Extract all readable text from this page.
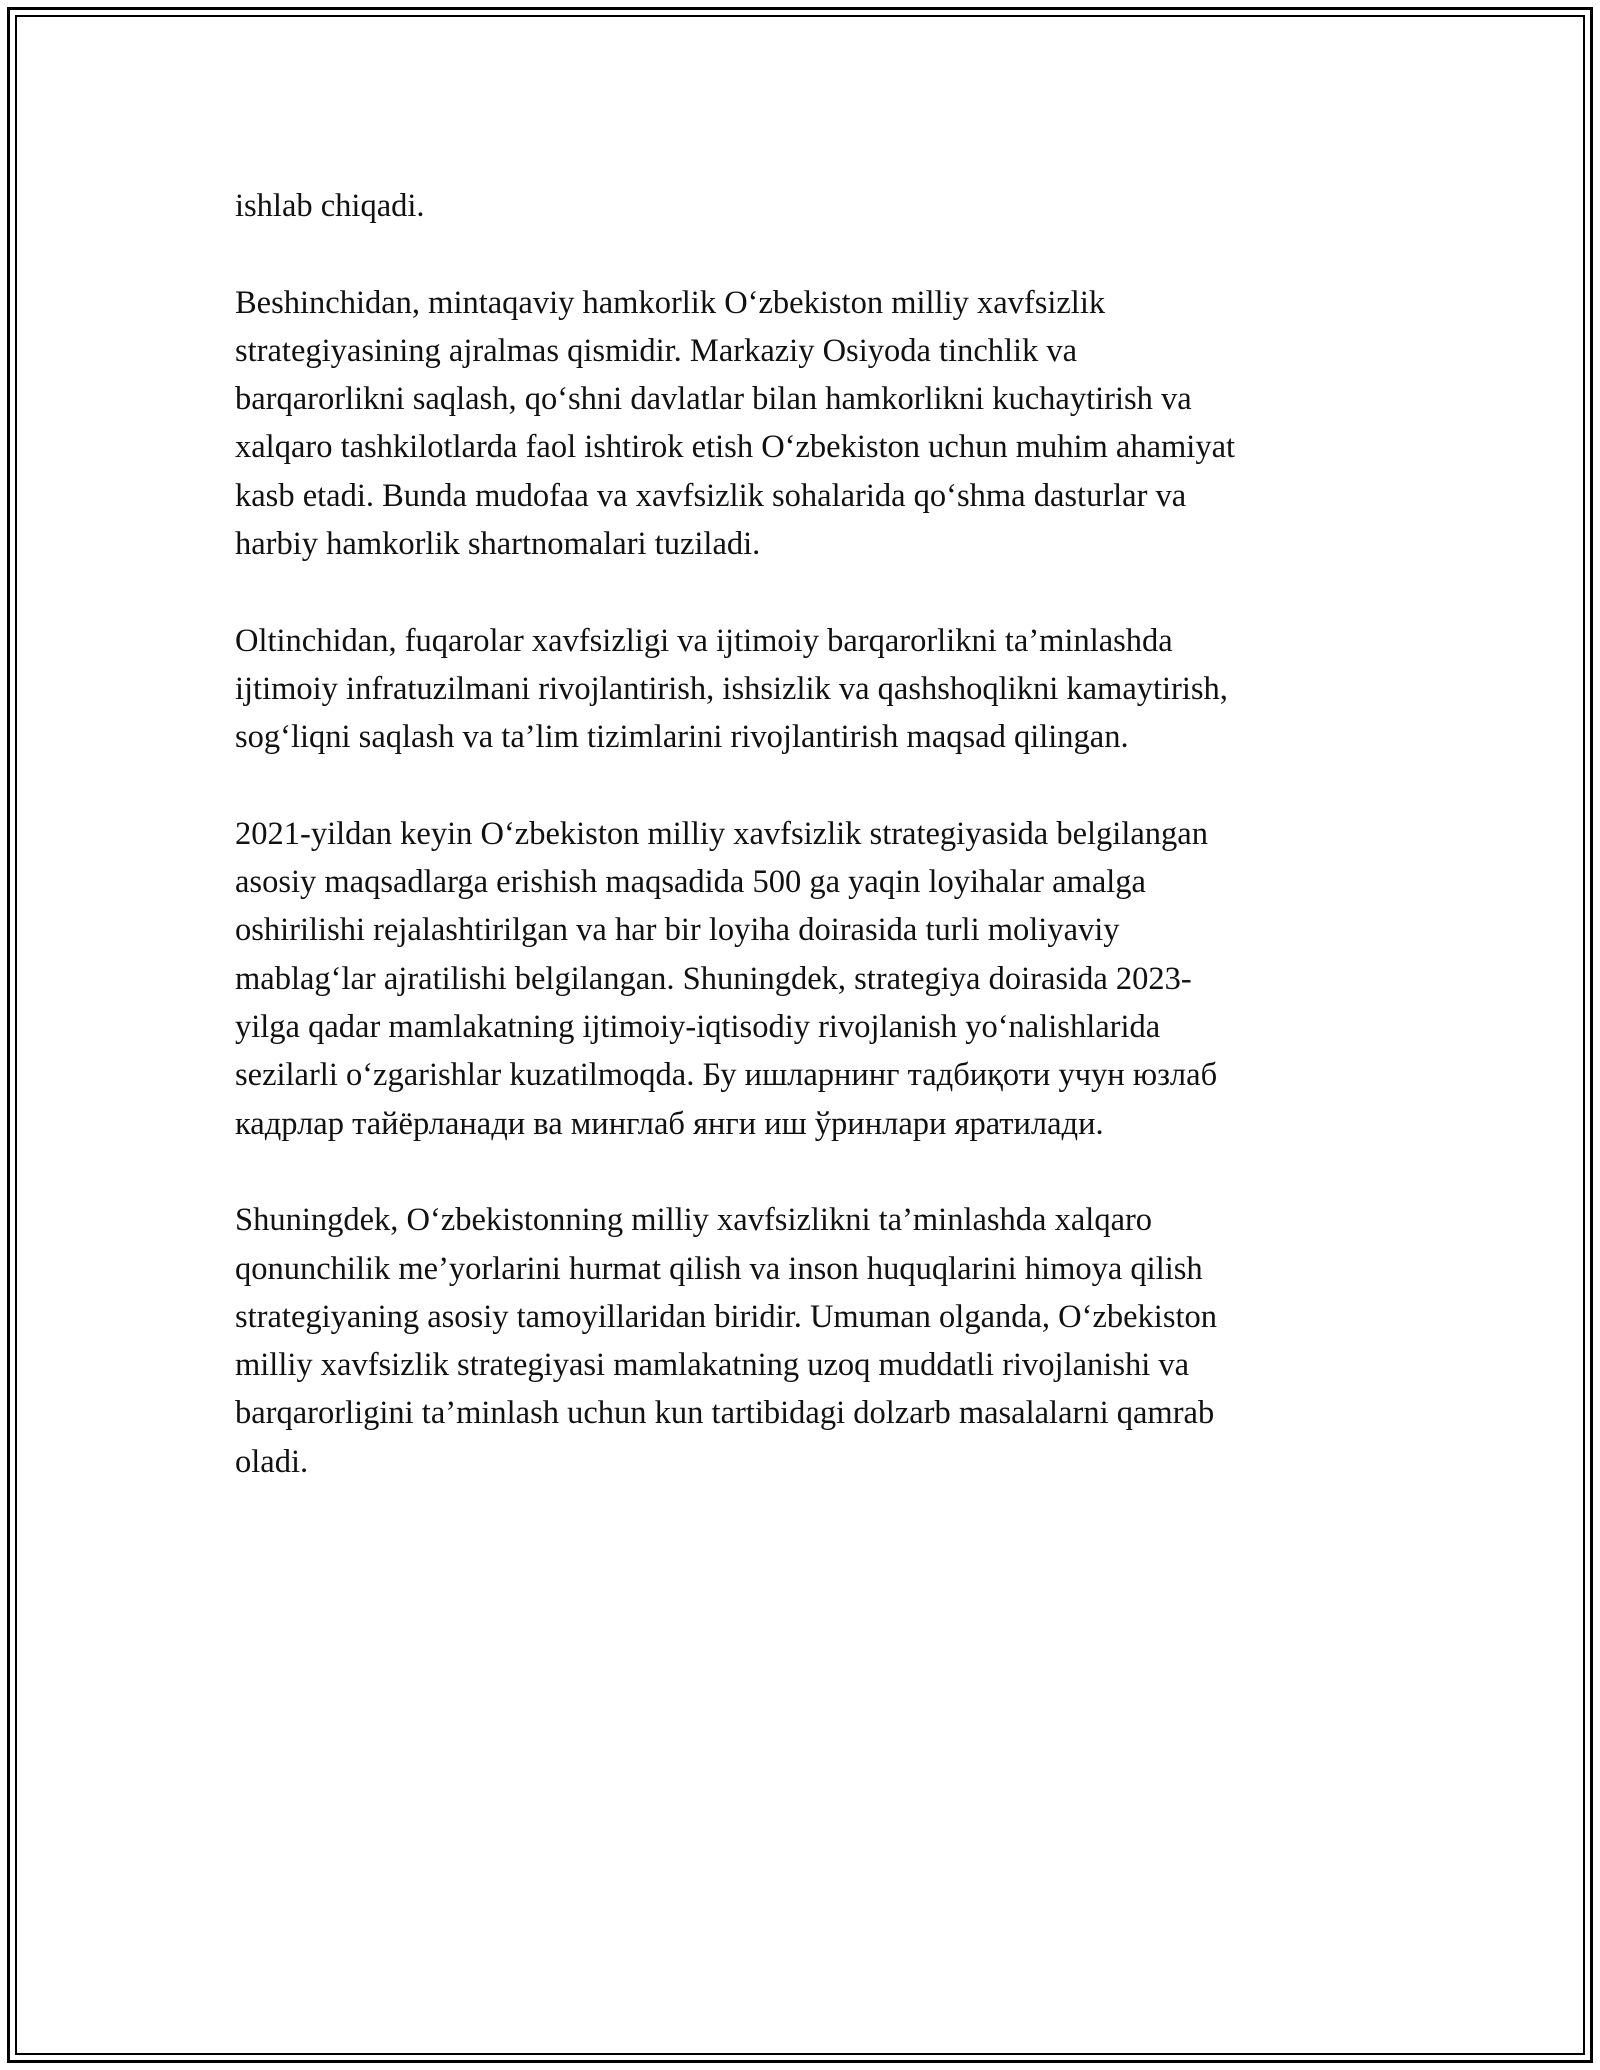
ishlab chiqadi.

Beshinchidan, mintaqaviy hamkorlik O‘zbekiston milliy xavfsizlik
strategiyasining ajralmas qismidir. Markaziy Osiyoda tinchlik va
barqarorlikni saqlash, qo‘shni davlatlar bilan hamkorlikni kuchaytirish va
xalqaro tashkilotlarda faol ishtirok etish O‘zbekiston uchun muhim ahamiyat
kasb etadi. Bunda mudofaa va xavfsizlik sohalarida qo‘shma dasturlar va
harbiy hamkorlik shartnomalari tuziladi.

Oltinchidan, fuqarolar xavfsizligi va ijtimoiy barqarorlikni ta’minlashda
ijtimoiy infratuzilmani rivojlantirish, ishsizlik va qashshoqlikni kamaytirish,
sog‘liqni saqlash va ta’lim tizimlarini rivojlantirish maqsad qilingan.

2021-yildan keyin O‘zbekiston milliy xavfsizlik strategiyasida belgilangan
asosiy maqsadlarga erishish maqsadida 500 ga yaqin loyihalar amalga
oshirilishi rejalashtirilgan va har bir loyiha doirasida turli moliyaviy
mablag‘lar ajratilishi belgilangan. Shuningdek, strategiya doirasida 2023-
yilga qadar mamlakatning ijtimoiy-iqtisodiy rivojlanish yo‘nalishlarida
sezilarli o‘zgarishlar kuzatilmoqda. Бу ишларнинг тадбиқоти учун юзлаб
кадрлар тайёрланади ва минглаб янги иш ўринлари яратилади.

Shuningdek, O‘zbekistonning milliy xavfsizlikni ta’minlashda xalqaro
qonunchilik me’yorlarini hurmat qilish va inson huquqlarini himoya qilish
strategiyaning asosiy tamoyillaridan biridir. Umuman olganda, O‘zbekiston
milliy xavfsizlik strategiyasi mamlakatning uzoq muddatli rivojlanishi va
barqarorligini ta’minlash uchun kun tartibidagi dolzarb masalalarni qamrab
oladi.
